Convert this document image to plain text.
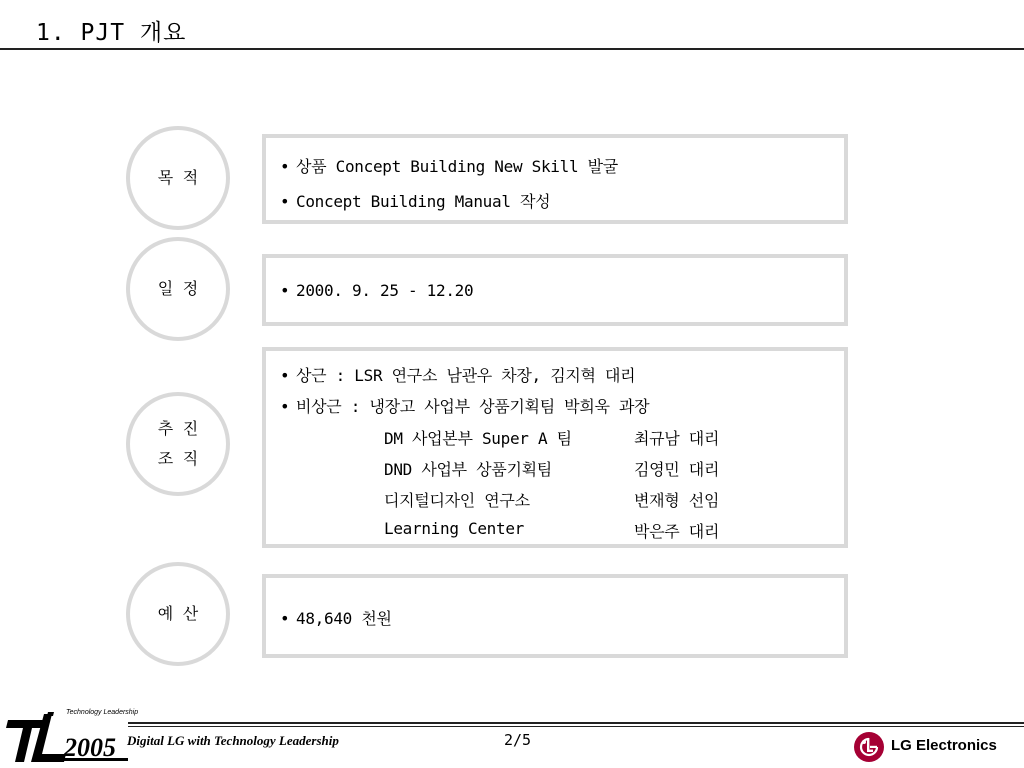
1. PJT 개요
목 적
• 상품 Concept Building New Skill 발굴
• Concept Building Manual 작성
일 정	• 2000. 9. 25 - 12.20
추 진
조 직
• 상근 : LSR 연구소 남관우 차장, 김지혁 대리
• 비상근 : 냉장고 사업부 상품기획팀 박희욱 과장
DM 사업본부 Super A 팀	최규남 대리
DND 사업부 상품기획팀	김영민 대리
디지털디자인 연구소	변재형 선임
Learning Center	박은주 대리
예 산	• 48,640 천원
2005
Technology Leadership
Digital LG with Technology Leadership	2/5	LG Electronics
